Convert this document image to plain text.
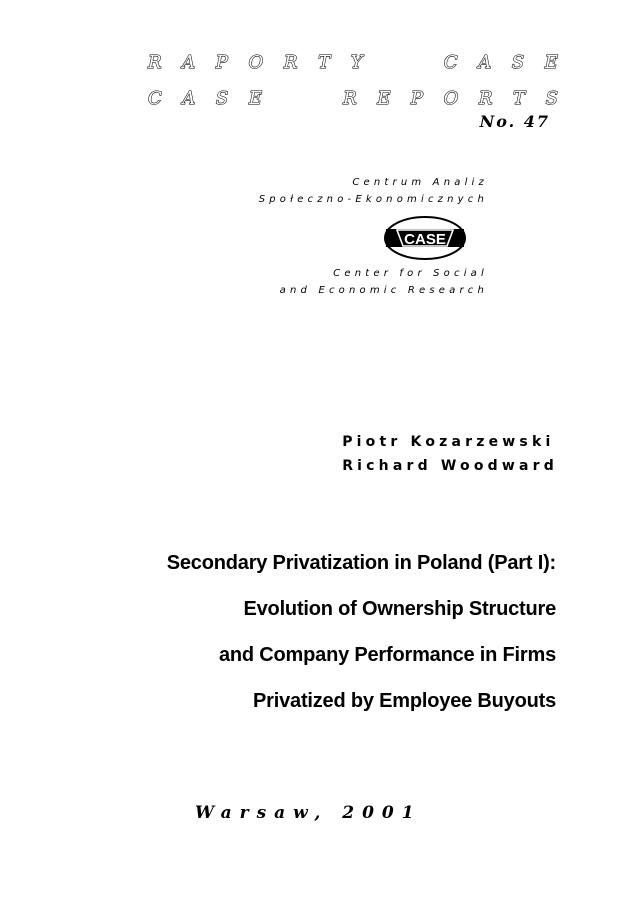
R A P O R T Y	C A S E
C A S E	R E P O R T S
No. 47
Centrum Analiz
Społeczno-Ekonomicznych
CASE
Center for Social
and Economic Research
Piotr Kozarzewski
Richard Woodward
Secondary Privatization in Poland (Part I):
Evolution of Ownership Structure
and Company Performance in Firms
Privatized by Employee Buyouts
Warsaw, 2001
